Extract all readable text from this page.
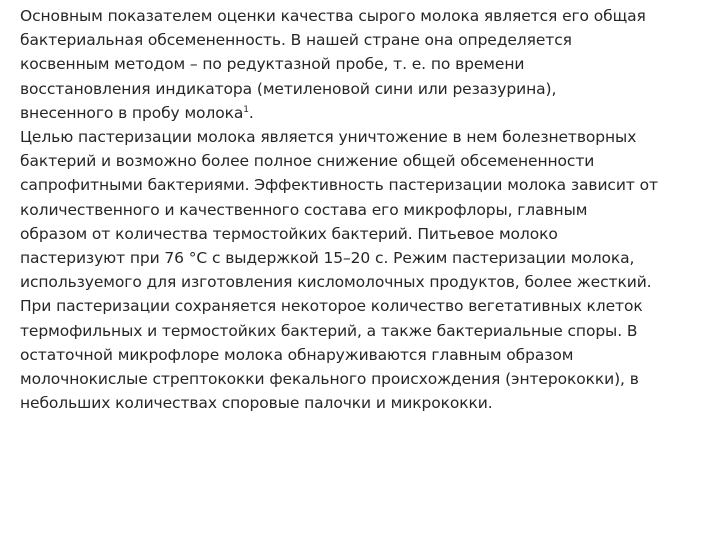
Основным показателем оценки качества сырого молока является его общая
бактериальная обсемененность. В нашей стране она определяется
косвенным методом – по редуктазной пробе, т. е. по времени
восстановления индикатора (метиленовой сини или резазурина),
внесенного в пробу молока$^1$.
Целью пастеризации молока является уничтожение в нем болезнетворных
бактерий и возможно более полное снижение общей обсемененности
сапрофитными бактериями. Эффективность пастеризации молока зависит от
количественного и качественного состава его микрофлоры, главным
образом от количества термостойких бактерий. Питьевое молоко
пастеризуют при 76 °С с выдержкой 15–20 с. Режим пастеризации молока,
используемого для изготовления кисломолочных продуктов, более жесткий.
При пастеризации сохраняется некоторое количество вегетативных клеток
термофильных и термостойких бактерий, а также бактериальные споры. В
остаточной микрофлоре молока обнаруживаются главным образом
молочнокислые стрептококки фекального происхождения (энтерококки), в
небольших количествах споровые палочки и микрококки.
